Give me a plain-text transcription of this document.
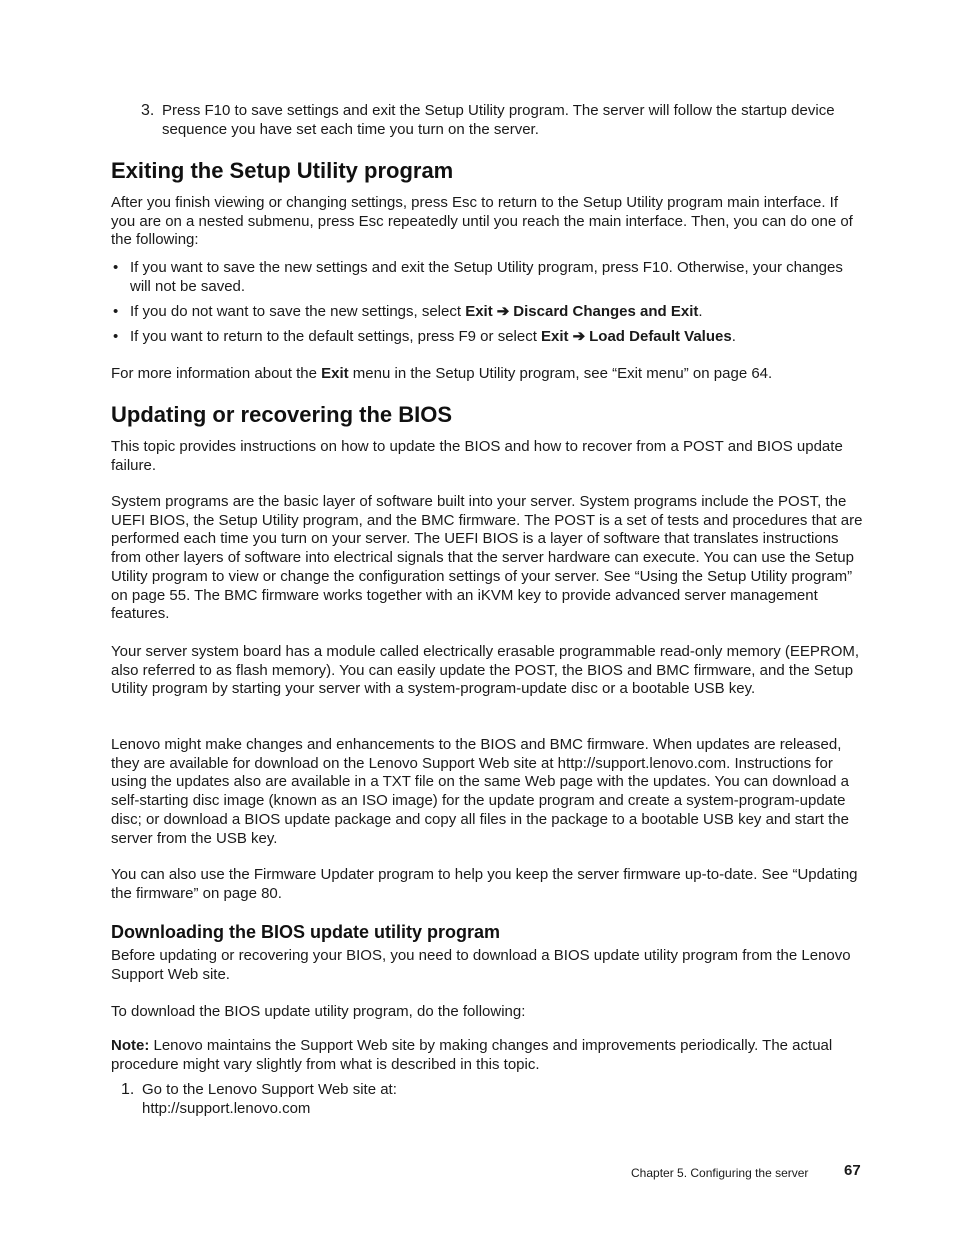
3. Press F10 to save settings and exit the Setup Utility program. The server will follow the startup device sequence you have set each time you turn on the server.

Exiting the Setup Utility program

After you finish viewing or changing settings, press Esc to return to the Setup Utility program main interface. If you are on a nested submenu, press Esc repeatedly until you reach the main interface. Then, you can do one of the following:

• If you want to save the new settings and exit the Setup Utility program, press F10. Otherwise, your changes will not be saved.
• If you do not want to save the new settings, select Exit ➔ Discard Changes and Exit.
• If you want to return to the default settings, press F9 or select Exit ➔ Load Default Values.

For more information about the Exit menu in the Setup Utility program, see “Exit menu” on page 64.

Updating or recovering the BIOS

This topic provides instructions on how to update the BIOS and how to recover from a POST and BIOS update failure.

System programs are the basic layer of software built into your server. System programs include the POST, the UEFI BIOS, the Setup Utility program, and the BMC firmware. The POST is a set of tests and procedures that are performed each time you turn on your server. The UEFI BIOS is a layer of software that translates instructions from other layers of software into electrical signals that the server hardware can execute. You can use the Setup Utility program to view or change the configuration settings of your server. See “Using the Setup Utility program” on page 55. The BMC firmware works together with an iKVM key to provide advanced server management features.

Your server system board has a module called electrically erasable programmable read-only memory (EEPROM, also referred to as flash memory). You can easily update the POST, the BIOS and BMC firmware, and the Setup Utility program by starting your server with a system-program-update disc or a bootable USB key.

Lenovo might make changes and enhancements to the BIOS and BMC firmware. When updates are released, they are available for download on the Lenovo Support Web site at http://support.lenovo.com. Instructions for using the updates also are available in a TXT file on the same Web page with the updates. You can download a self-starting disc image (known as an ISO image) for the update program and create a system-program-update disc; or download a BIOS update package and copy all files in the package to a bootable USB key and start the server from the USB key.

You can also use the Firmware Updater program to help you keep the server firmware up-to-date. See “Updating the firmware” on page 80.

Downloading the BIOS update utility program

Before updating or recovering your BIOS, you need to download a BIOS update utility program from the Lenovo Support Web site.

To download the BIOS update utility program, do the following:

Note: Lenovo maintains the Support Web site by making changes and improvements periodically. The actual procedure might vary slightly from what is described in this topic.

1. Go to the Lenovo Support Web site at:

http://support.lenovo.com

Chapter 5. Configuring the server 67
